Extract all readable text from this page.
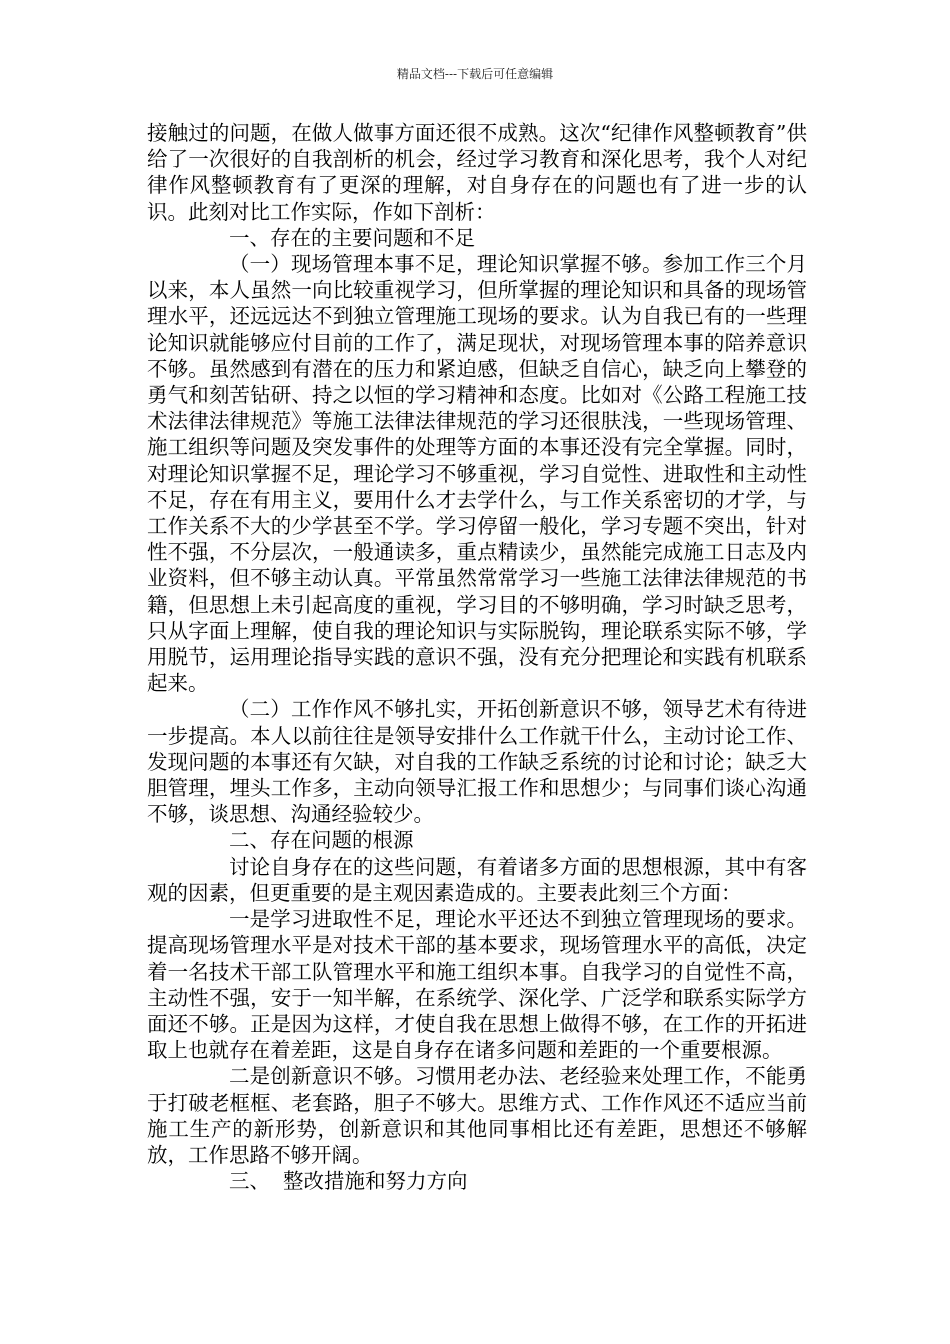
精品文档---下载后可任意编辑

接触过的问题，在做人做事方面还很不成熟。这次“纪律作风整顿教育”供给了一次很好的自我剖析的机会，经过学习教育和深化思考，我个人对纪律作风整顿教育有了更深的理解，对自身存在的问题也有了进一步的认识。此刻对比工作实际，作如下剖析：

一、存在的主要问题和不足

（一）现场管理本事不足，理论知识掌握不够。参加工作三个月以来，本人虽然一向比较重视学习，但所掌握的理论知识和具备的现场管理水平，还远远达不到独立管理施工现场的要求。认为自我已有的一些理论知识就能够应付目前的工作了，满足现状，对现场管理本事的陪养意识不够。虽然感到有潜在的压力和紧迫感，但缺乏自信心，缺乏向上攀登的勇气和刻苦钻研、持之以恒的学习精神和态度。比如对《公路工程施工技术法律法律规范》等施工法律法律规范的学习还很肤浅，一些现场管理、施工组织等问题及突发事件的处理等方面的本事还没有完全掌握。同时，对理论知识掌握不足，理论学习不够重视，学习自觉性、进取性和主动性不足，存在有用主义，要用什么才去学什么，与工作关系密切的才学，与工作关系不大的少学甚至不学。学习停留一般化，学习专题不突出，针对性不强，不分层次，一般通读多，重点精读少，虽然能完成施工日志及内业资料，但不够主动认真。平常虽然常常学习一些施工法律法律规范的书籍，但思想上未引起高度的重视，学习目的不够明确，学习时缺乏思考，只从字面上理解，使自我的理论知识与实际脱钩，理论联系实际不够，学用脱节，运用理论指导实践的意识不强，没有充分把理论和实践有机联系起来。

（二）工作作风不够扎实，开拓创新意识不够，领导艺术有待进一步提高。本人以前往往是领导安排什么工作就干什么，主动讨论工作、发现问题的本事还有欠缺，对自我的工作缺乏系统的讨论和讨论；缺乏大胆管理，埋头工作多，主动向领导汇报工作和思想少；与同事们谈心沟通不够，谈思想、沟通经验较少。

二、存在问题的根源

讨论自身存在的这些问题，有着诸多方面的思想根源，其中有客观的因素，但更重要的是主观因素造成的。主要表此刻三个方面：

一是学习进取性不足，理论水平还达不到独立管理现场的要求。提高现场管理水平是对技术干部的基本要求，现场管理水平的高低，决定着一名技术干部工队管理水平和施工组织本事。自我学习的自觉性不高，主动性不强，安于一知半解，在系统学、深化学、广泛学和联系实际学方面还不够。正是因为这样，才使自我在思想上做得不够，在工作的开拓进取上也就存在着差距，这是自身存在诸多问题和差距的一个重要根源。

二是创新意识不够。习惯用老办法、老经验来处理工作，不能勇于打破老框框、老套路，胆子不够大。思维方式、工作作风还不适应当前施工生产的新形势，创新意识和其他同事相比还有差距，思想还不够解放，工作思路不够开阔。

三、  整改措施和努力方向
